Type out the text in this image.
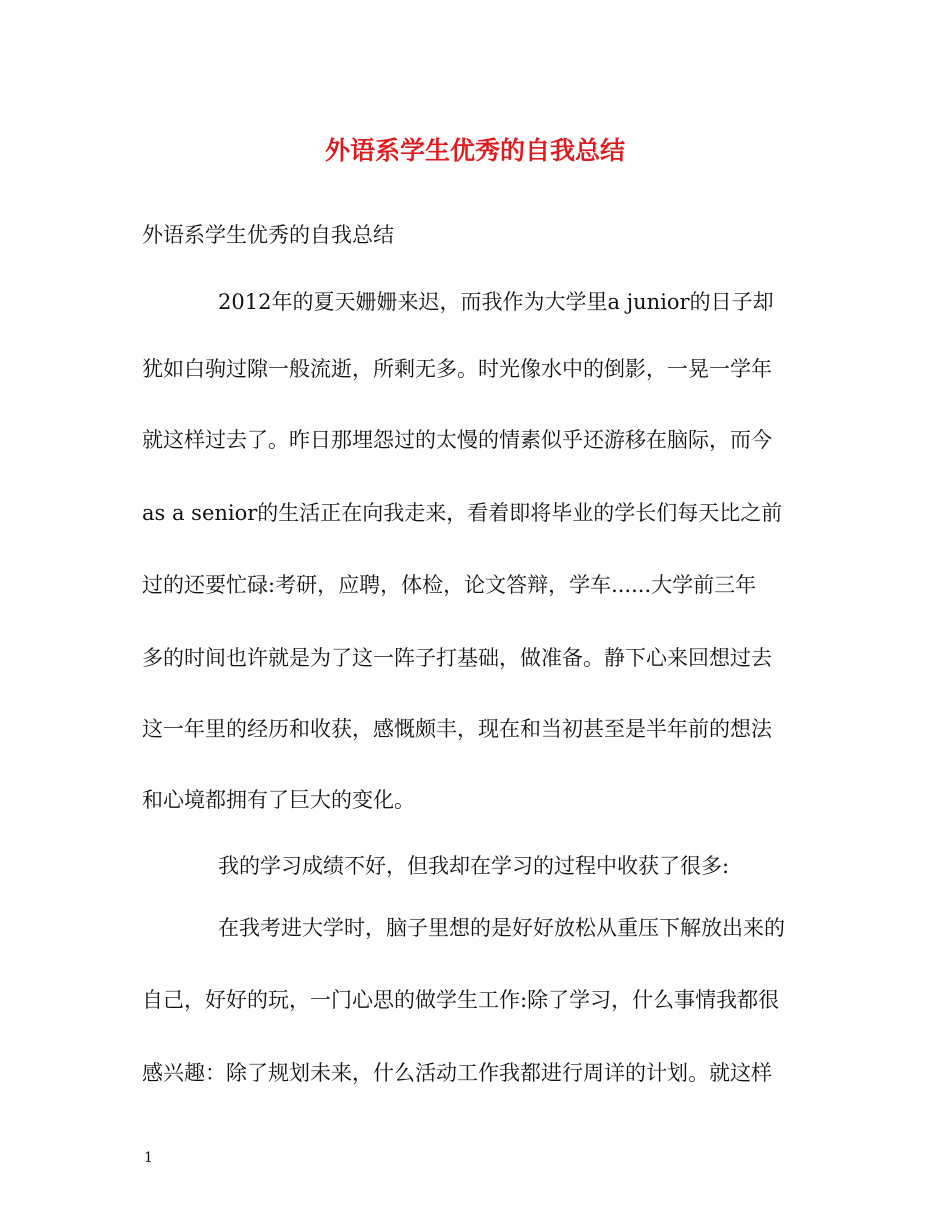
外语系学生优秀的自我总结

外语系学生优秀的自我总结

2012年的夏天姗姗来迟，而我作为大学里a junior的日子却

犹如白驹过隙一般流逝，所剩无多。时光像水中的倒影，一晃一学年

就这样过去了。昨日那埋怨过的太慢的情素似乎还游移在脑际，而今

as a senior的生活正在向我走来，看着即将毕业的学长们每天比之前

过的还要忙碌:考研，应聘，体检，论文答辩，学车......大学前三年

多的时间也许就是为了这一阵子打基础，做准备。静下心来回想过去

这一年里的经历和收获，感慨颇丰，现在和当初甚至是半年前的想法

和心境都拥有了巨大的变化。

我的学习成绩不好，但我却在学习的过程中收获了很多:

在我考进大学时，脑子里想的是好好放松从重压下解放出来的

自己，好好的玩，一门心思的做学生工作:除了学习，什么事情我都很

感兴趣：除了规划未来，什么活动工作我都进行周详的计划。就这样

1
